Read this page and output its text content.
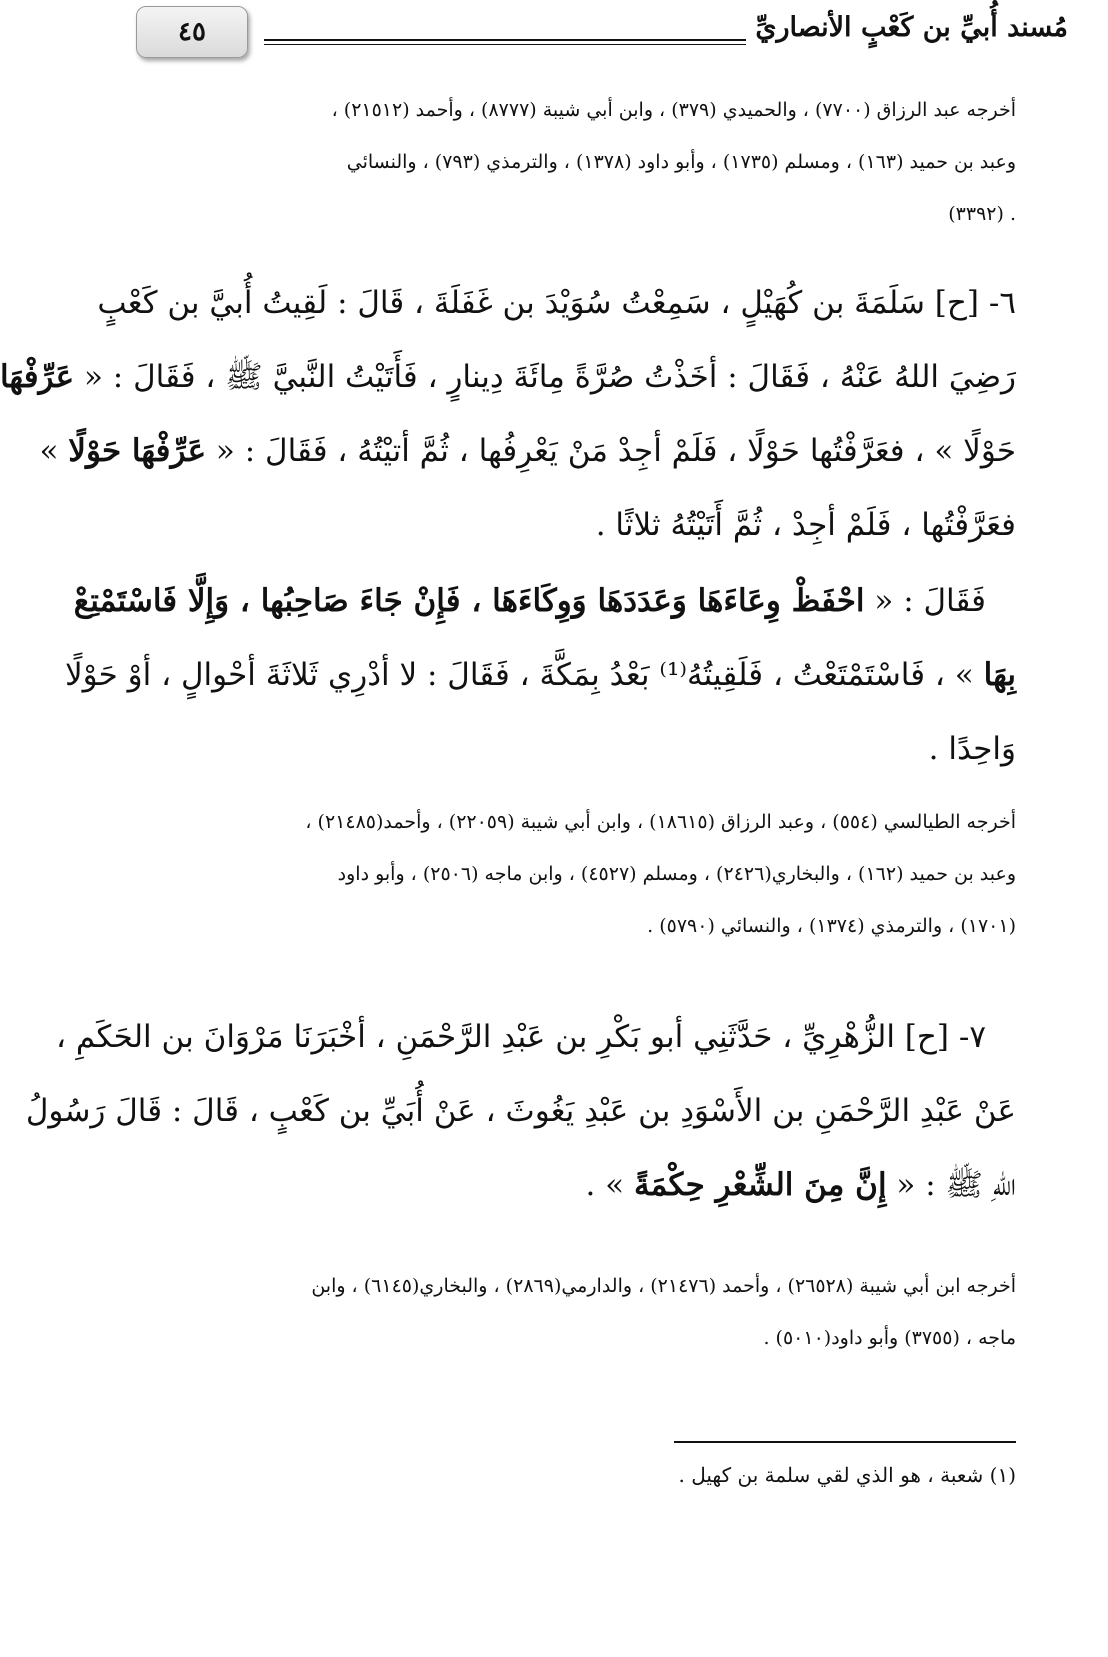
٤٥	مُسند أُبيِّ بن كَعْبٍ الأنصاريِّ
أخرجه عبد الرزاق (٧٧٠٠) ، والحميدي (٣٧٩) ، وابن أبي شيبة (٨٧٧٧) ، وأحمد (٢١٥١٢) ،
وعبد بن حميد (١٦٣) ، ومسلم (١٧٣٥) ، وأبو داود (١٣٧٨) ، والترمذي (٧٩٣) ، والنسائي
. (٣٣٩٢)
٦- [ح] سَلَمَةَ بن كُهَيْلٍ ، سَمِعْتُ سُوَيْدَ بن غَفَلَةَ ، قَالَ : لَقِيتُ أُبيَّ بن كَعْبٍ
رَضِيَ اللهُ عَنْهُ ، فَقَالَ : أخَذْتُ صُرَّةً مِائَةَ دِينارٍ ، فَأَتَيْتُ النَّبيَّ ﷺ ، فَقَالَ : « عَرِّفْهَا
حَوْلًا » ، فعَرَّفْتُها حَوْلًا ، فَلَمْ أجِدْ مَنْ يَعْرِفُها ، ثُمَّ أتيْتُهُ ، فَقَالَ : « عَرِّفْهَا حَوْلًا »
فعَرَّفْتُها ، فَلَمْ أجِدْ ، ثُمَّ أَتَيْتُهُ ثلاثًا .
فَقَالَ : « احْفَظْ وِعَاءَهَا وَعَدَدَهَا وَوِكَاءَهَا ، فَإِنْ جَاءَ صَاحِبُها ، وَإِلَّا فَاسْتَمْتِعْ
بِهَا » ، فَاسْتَمْتَعْتُ ، فَلَقِيتُهُ⁽¹⁾ بَعْدُ بِمَكَّةَ ، فَقَالَ : لا أدْرِي ثَلاثَةَ أحْوالٍ ، أوْ حَوْلًا
وَاحِدًا .
أخرجه الطيالسي (٥٥٤) ، وعبد الرزاق (١٨٦١٥) ، وابن أبي شيبة (٢٢٠٥٩) ، وأحمد(٢١٤٨٥) ،
وعبد بن حميد (١٦٢) ، والبخاري(٢٤٢٦) ، ومسلم (٤٥٢٧) ، وابن ماجه (٢٥٠٦) ، وأبو داود
(١٧٠١) ، والترمذي (١٣٧٤) ، والنسائي (٥٧٩٠) .
٧- [ح] الزُّهْرِيِّ ، حَدَّثَنِي أبو بَكْرِ بن عَبْدِ الرَّحْمَنِ ، أخْبَرَنَا مَرْوَانَ بن الحَكَمِ ،
عَنْ عَبْدِ الرَّحْمَنِ بن الأَسْوَدِ بن عَبْدِ يَغُوثَ ، عَنْ أُبَيِّ بن كَعْبٍ ، قَالَ : قَالَ رَسُولُ
اللهِ ﷺ : « إِنَّ مِنَ الشِّعْرِ حِكْمَةً » .
أخرجه ابن أبي شيبة (٢٦٥٢٨) ، وأحمد (٢١٤٧٦) ، والدارمي(٢٨٦٩) ، والبخاري(٦١٤٥) ، وابن
ماجه ، (٣٧٥٥) وأبو داود(٥٠١٠) .
(١) شعبة ، هو الذي لقي سلمة بن كهيل .
